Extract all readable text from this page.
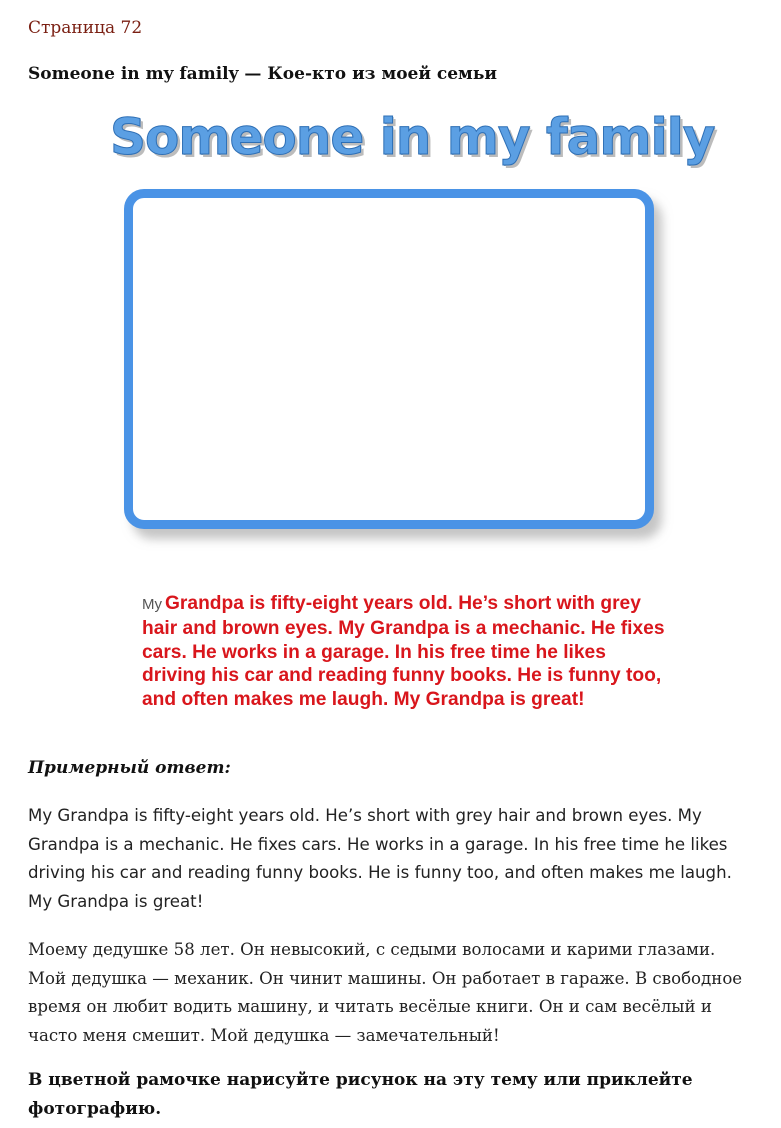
Страница 72
Someone in my family — Кое-кто из моей семьи
Someone in my family
My Grandpa is fifty-eight years old. He’s short with grey hair and brown eyes. My Grandpa is a mechanic. He fixes cars. He works in a garage. In his free time he likes driving his car and reading funny books. He is funny too, and often makes me laugh. My Grandpa is great!
Примерный ответ:
My Grandpa is fifty-eight years old. He’s short with grey hair and brown eyes. My Grandpa is a mechanic. He fixes cars. He works in a garage. In his free time he likes driving his car and reading funny books. He is funny too, and often makes me laugh. My Grandpa is great!
Моему дедушке 58 лет. Он невысокий, с седыми волосами и карими глазами. Мой дедушка — механик. Он чинит машины. Он работает в гараже. В свободное время он любит водить машину, и читать весёлые книги. Он и сам весёлый и часто меня смешит. Мой дедушка — замечательный!
В цветной рамочке нарисуйте рисунок на эту тему или приклейте фотографию.
